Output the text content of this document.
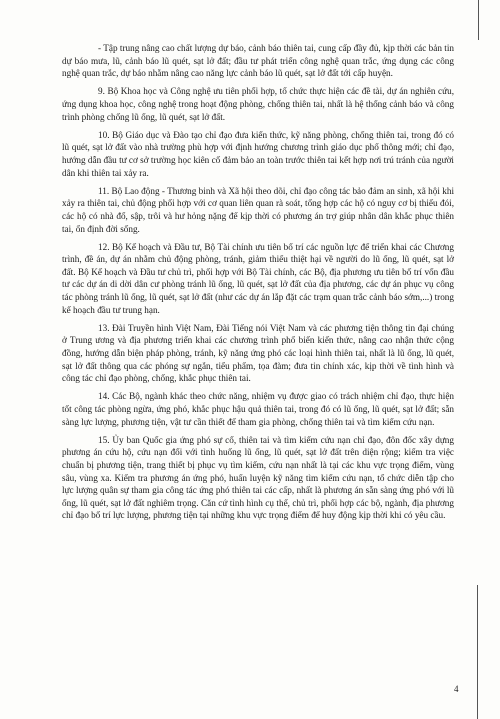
- Tập trung nâng cao chất lượng dự báo, cảnh báo thiên tai, cung cấp đầy đủ, kịp thời các bản tin dự báo mưa, lũ, cảnh báo lũ quét, sạt lở đất; đầu tư phát triển công nghệ quan trắc, ứng dụng các công nghệ quan trắc, dự báo nhằm nâng cao năng lực cảnh báo lũ quét, sạt lở đất tới cấp huyện.

9. Bộ Khoa học và Công nghệ ưu tiên phối hợp, tổ chức thực hiện các đề tài, dự án nghiên cứu, ứng dụng khoa học, công nghệ trong hoạt động phòng, chống thiên tai, nhất là hệ thống cảnh báo và công trình phòng chống lũ ống, lũ quét, sạt lở đất.

10. Bộ Giáo dục và Đào tạo chỉ đạo đưa kiến thức, kỹ năng phòng, chống thiên tai, trong đó có lũ quét, sạt lở đất vào nhà trường phù hợp với định hướng chương trình giáo dục phổ thông mới; chỉ đạo, hướng dẫn đầu tư cơ sở trường học kiên cố đảm bảo an toàn trước thiên tai kết hợp nơi trú tránh của người dân khi thiên tai xảy ra.

11. Bộ Lao động - Thương binh và Xã hội theo dõi, chỉ đạo công tác bảo đảm an sinh, xã hội khi xảy ra thiên tai, chủ động phối hợp với cơ quan liên quan rà soát, tổng hợp các hộ có nguy cơ bị thiếu đói, các hộ có nhà đổ, sập, trôi và hư hỏng nặng để kịp thời có phương án trợ giúp nhân dân khắc phục thiên tai, ổn định đời sống.

12. Bộ Kế hoạch và Đầu tư, Bộ Tài chính ưu tiên bố trí các nguồn lực để triển khai các Chương trình, đề án, dự án nhằm chủ động phòng, tránh, giảm thiểu thiệt hại về người do lũ ống, lũ quét, sạt lở đất. Bộ Kế hoạch và Đầu tư chủ trì, phối hợp với Bộ Tài chính, các Bộ, địa phương ưu tiên bố trí vốn đầu tư các dự án di dời dân cư phòng tránh lũ ống, lũ quét, sạt lở đất của địa phương, các dự án phục vụ công tác phòng tránh lũ ống, lũ quét, sạt lở đất (như các dự án lắp đặt các trạm quan trắc cảnh báo sớm,...) trong kế hoạch đầu tư trung hạn.

13. Đài Truyền hình Việt Nam, Đài Tiếng nói Việt Nam và các phương tiện thông tin đại chúng ở Trung ương và địa phương triển khai các chương trình phổ biến kiến thức, nâng cao nhận thức cộng đồng, hướng dẫn biện pháp phòng, tránh, kỹ năng ứng phó các loại hình thiên tai, nhất là lũ ống, lũ quét, sạt lở đất thông qua các phóng sự ngắn, tiểu phẩm, tọa đàm; đưa tin chính xác, kịp thời về tình hình và công tác chỉ đạo phòng, chống, khắc phục thiên tai.

14. Các Bộ, ngành khác theo chức năng, nhiệm vụ được giao có trách nhiệm chỉ đạo, thực hiện tốt công tác phòng ngừa, ứng phó, khắc phục hậu quả thiên tai, trong đó có lũ ống, lũ quét, sạt lở đất; sẵn sàng lực lượng, phương tiện, vật tư cần thiết để tham gia phòng, chống thiên tai và tìm kiếm cứu nạn.

15. Ủy ban Quốc gia ứng phó sự cố, thiên tai và tìm kiếm cứu nạn chỉ đạo, đôn đốc xây dựng phương án cứu hộ, cứu nạn đối với tình huống lũ ống, lũ quét, sạt lở đất trên diện rộng; kiểm tra việc chuẩn bị phương tiện, trang thiết bị phục vụ tìm kiếm, cứu nạn nhất là tại các khu vực trọng điểm, vùng sâu, vùng xa. Kiểm tra phương án ứng phó, huấn luyện kỹ năng tìm kiếm cứu nạn, tổ chức diễn tập cho lực lượng quân sự tham gia công tác ứng phó thiên tai các cấp, nhất là phương án sẵn sàng ứng phó với lũ ống, lũ quét, sạt lở đất nghiêm trọng. Căn cứ tình hình cụ thể, chủ trì, phối hợp các bộ, ngành, địa phương chỉ đạo bố trí lực lượng, phương tiện tại những khu vực trọng điểm để huy động kịp thời khi có yêu cầu.

4
